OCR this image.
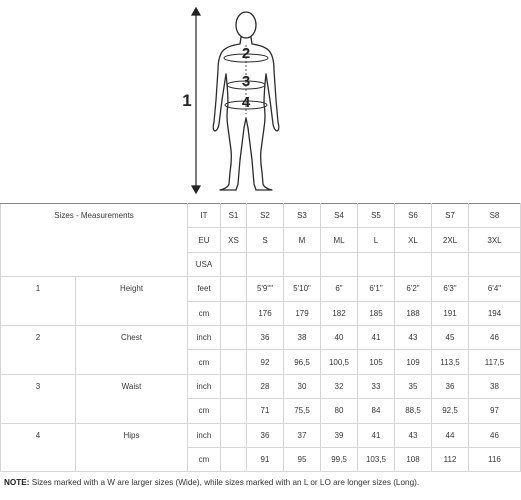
1
2
3
4
Sizes - Measurements		IT	S1	S2	S3	S4	S5	S6	S7	S8
		EU	XS	S	M	ML	L	XL	2XL	3XL
		USA								
1	Height	feet		5'9""	5'10"	6"	6'1"	6'2"	6'3"	6'4"
		cm		176	179	182	185	188	191	194
2	Chest	inch		36	38	40	41	43	45	46
		cm		92	96,5	100,5	105	109	113,5	117,5
3	Waist	inch		28	30	32	33	35	36	38
		cm		71	75,5	80	84	88,5	92,5	97
4	Hips	inch		36	37	39	41	43	44	46
		cm		91	95	99,5	103,5	108	112	116
NOTE: Sizes marked with a W are larger sizes (Wide), while sizes marked with an L or LO are longer sizes (Long).
